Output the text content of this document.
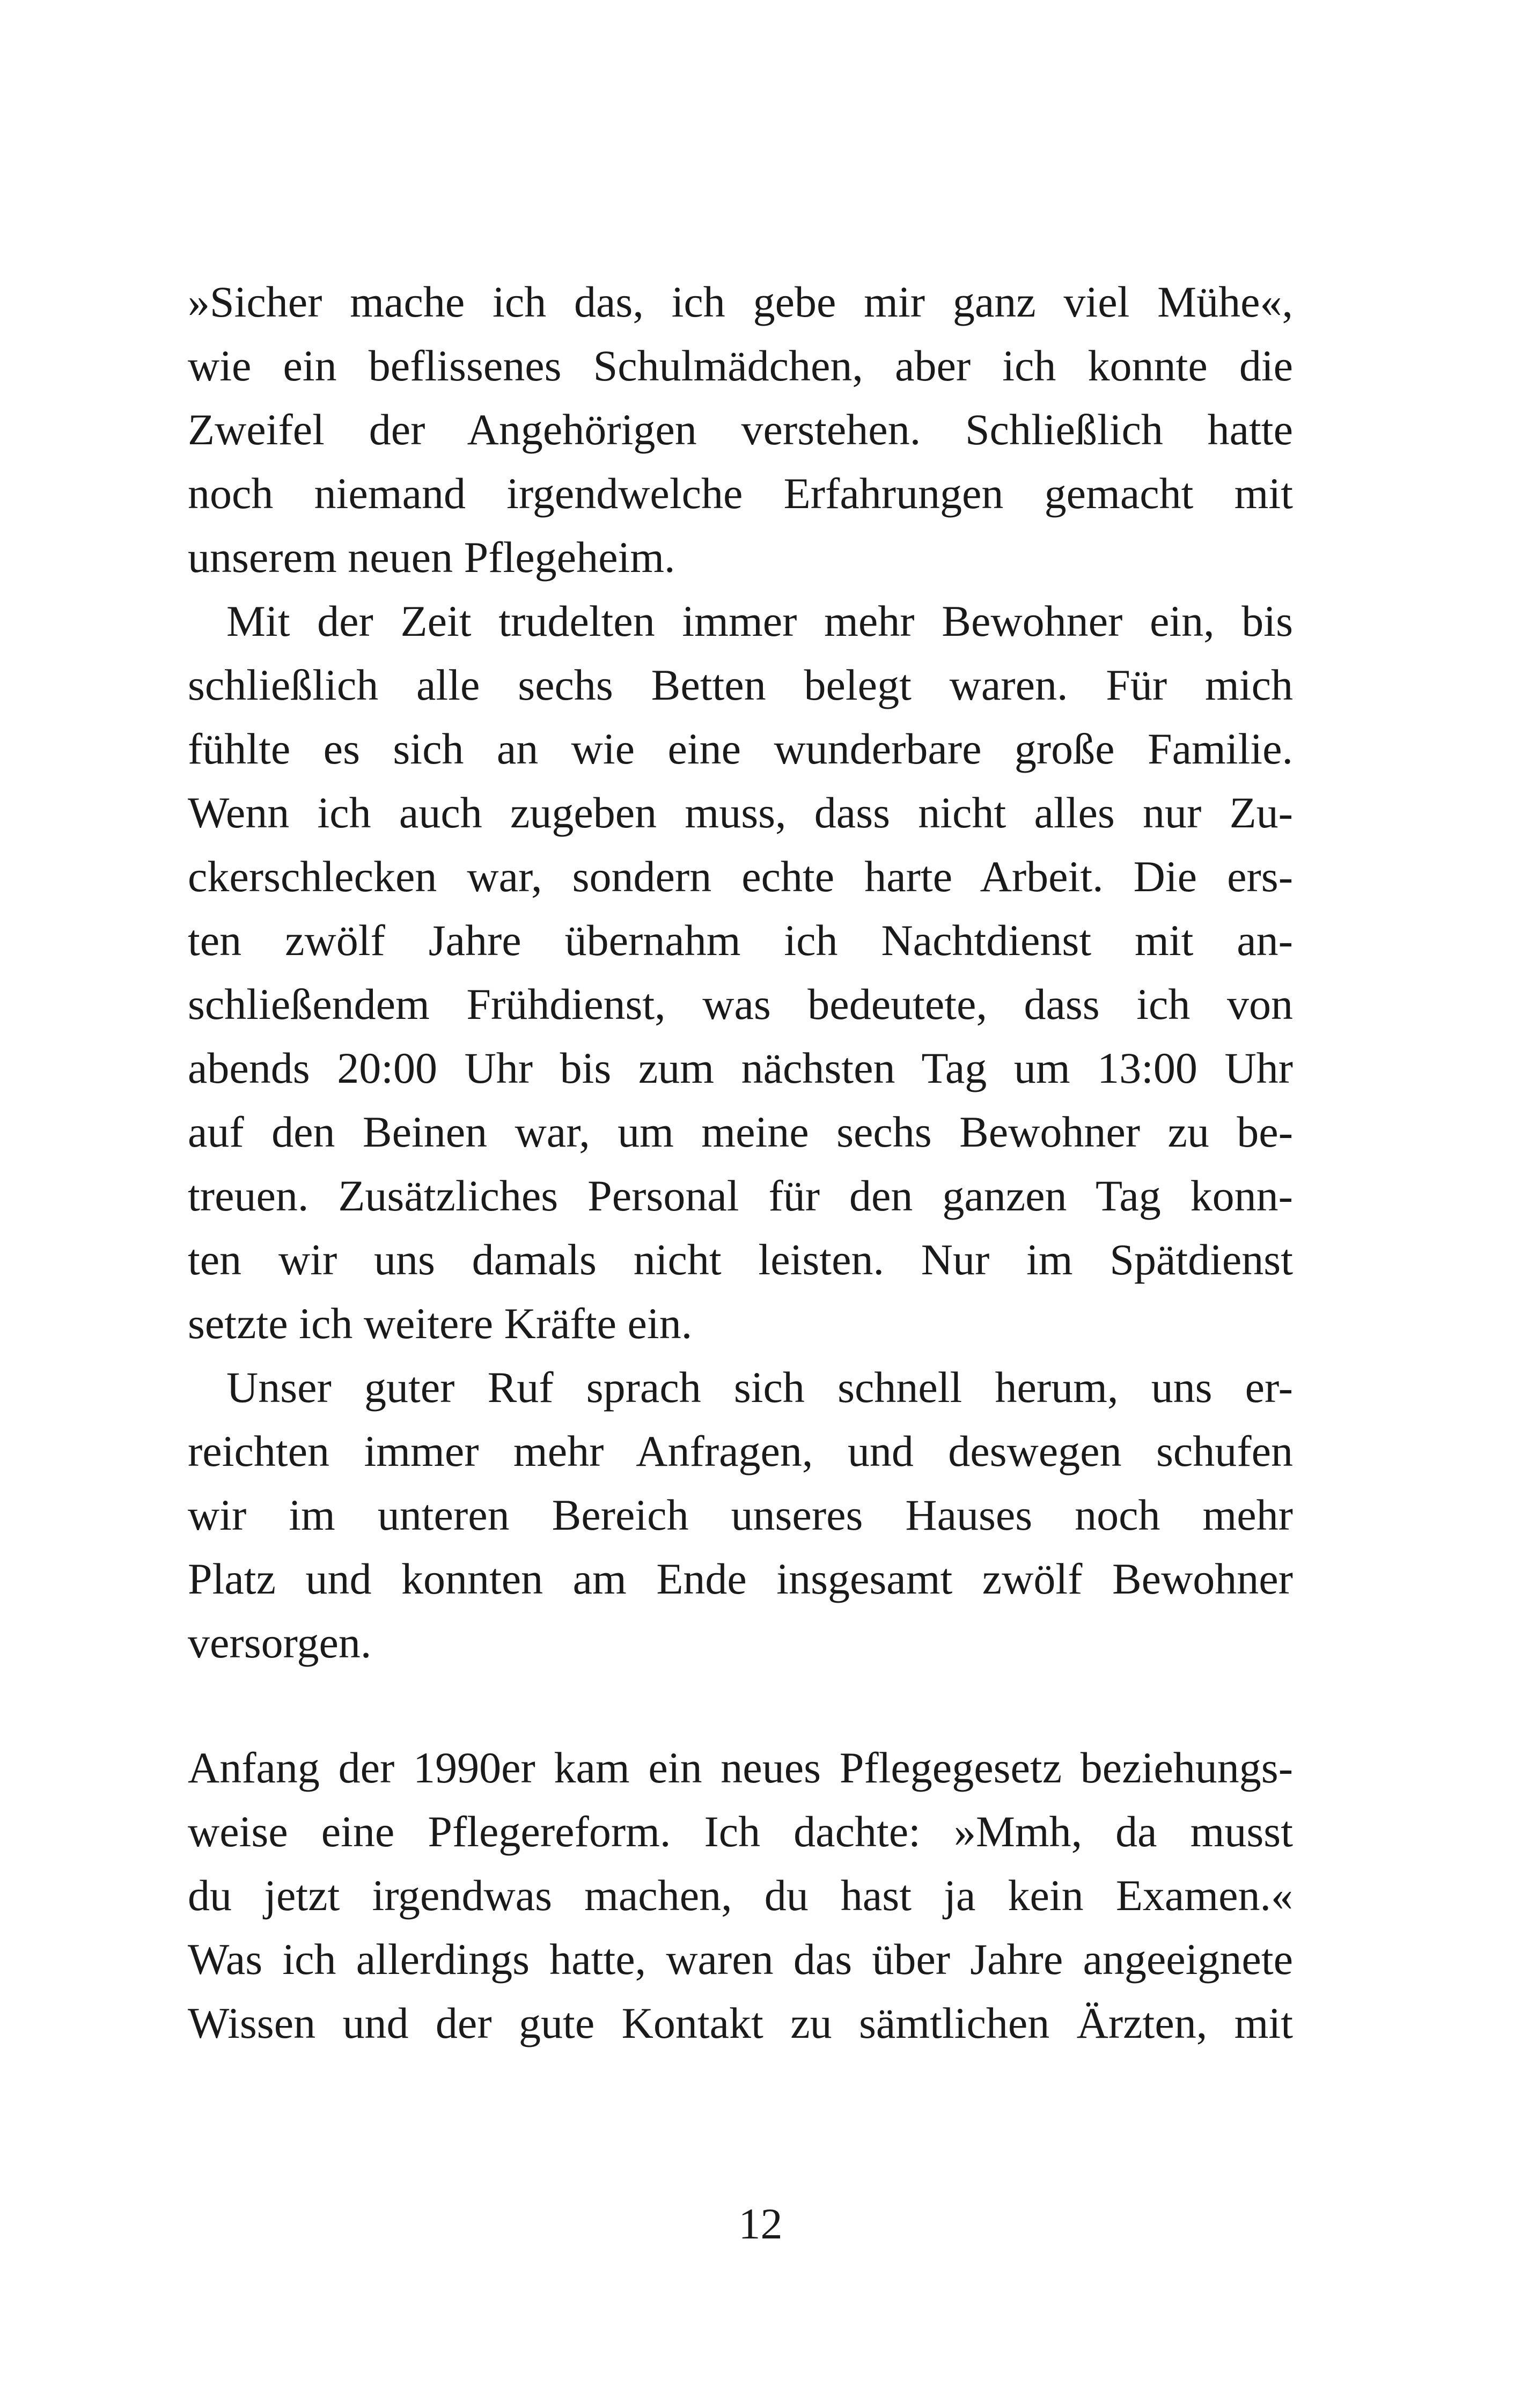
»Sicher mache ich das, ich gebe mir ganz viel Mühe«,
wie ein beflissenes Schulmädchen, aber ich konnte die
Zweifel der Angehörigen verstehen. Schließlich hatte
noch niemand irgendwelche Erfahrungen gemacht mit
unserem neuen Pflegeheim.
Mit der Zeit trudelten immer mehr Bewohner ein, bis
schließlich alle sechs Betten belegt waren. Für mich
fühlte es sich an wie eine wunderbare große Familie.
Wenn ich auch zugeben muss, dass nicht alles nur Zu-
ckerschlecken war, sondern echte harte Arbeit. Die ers-
ten zwölf Jahre übernahm ich Nachtdienst mit an-
schließendem Frühdienst, was bedeutete, dass ich von
abends 20:00 Uhr bis zum nächsten Tag um 13:00 Uhr
auf den Beinen war, um meine sechs Bewohner zu be-
treuen. Zusätzliches Personal für den ganzen Tag konn-
ten wir uns damals nicht leisten. Nur im Spätdienst
setzte ich weitere Kräfte ein.
Unser guter Ruf sprach sich schnell herum, uns er-
reichten immer mehr Anfragen, und deswegen schufen
wir im unteren Bereich unseres Hauses noch mehr
Platz und konnten am Ende insgesamt zwölf Bewohner
versorgen.
Anfang der 1990er kam ein neues Pflegegesetz beziehungs-
weise eine Pflegereform. Ich dachte: »Mmh, da musst
du jetzt irgendwas machen, du hast ja kein Examen.«
Was ich allerdings hatte, waren das über Jahre angeeignete
Wissen und der gute Kontakt zu sämtlichen Ärzten, mit
12
